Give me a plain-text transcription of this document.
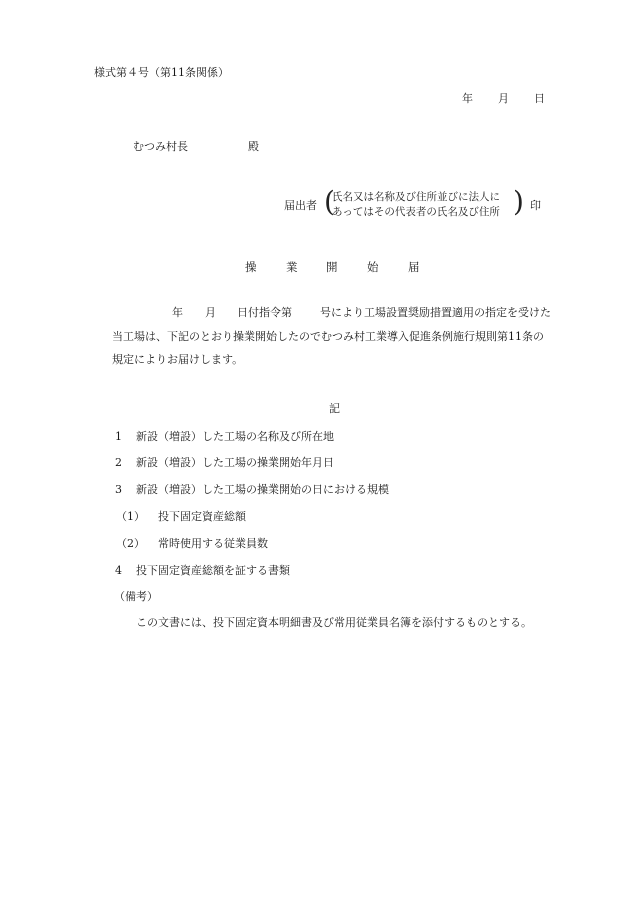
様式第４号（第11条関係）
年 月 日
むつみ村長	殿
届出者 (
氏名又は名称及び住所並びに法人に
あってはその代表者の氏名及び住所 ) 印
操	業 開	始	届
年 月 日付指令第	号により工場設置奨励措置適用の指定を受けた
当工場は、下記のとおり操業開始したのでむつみ村工業導入促進条例施行規則第11条の
規定によりお届けします。
記
1 新設（増設）した工場の名称及び所在地
2 新設（増設）した工場の操業開始年月日
3 新設（増設）した工場の操業開始の日における規模
（1） 投下固定資産総額
（2） 常時使用する従業員数
4 投下固定資産総額を証する書類
（備考）
この文書には、投下固定資本明細書及び常用従業員名簿を添付するものとする。
